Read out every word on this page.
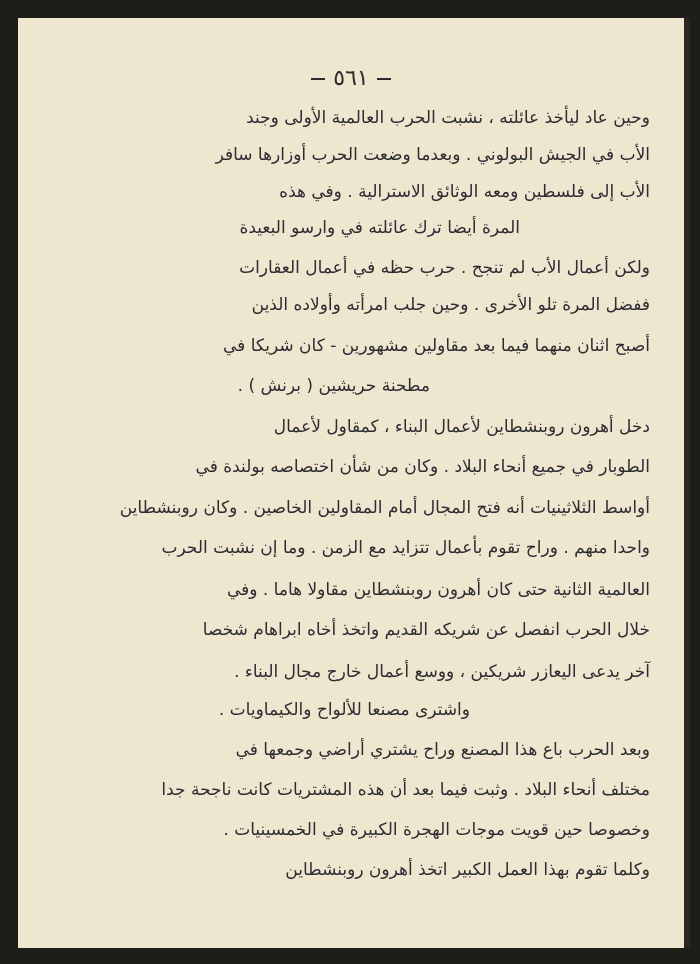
٥٦١
وحين عاد ليأخذ عائلته ، نشبت الحرب العالمية الأولى وجند
الأب في الجيش البولوني . وبعدما وضعت الحرب أوزارها سافر
الأب إلى فلسطين ومعه الوثائق الاسترالية . وفي هذه
المرة أيضا ترك عائلته في وارسو البعيدة
ولكن أعمال الأب لم تنجح . حرب حظه في أعمال العقارات
ففضل المرة تلو الأخرى . وحين جلب امرأته وأولاده الذين
أصبح اثنان منهما فيما بعد مقاولين مشهورين - كان شريكا في
مطحنة حريشين ( برنش ) .
دخل أهرون روبنشطاين لأعمال البناء ، كمقاول لأعمال
الطوبار في جميع أنحاء البلاد . وكان من شأن اختصاصه بولندة في
أواسط الثلاثينيات أنه فتح المجال أمام المقاولين الخاصين . وكان روبنشطاين
واحدا منهم . وراح تقوم بأعمال تتزايد مع الزمن . وما إن نشبت الحرب
العالمية الثانية حتى كان أهرون روبنشطاين مقاولا هاما . وفي
خلال الحرب انفصل عن شريكه القديم واتخذ أخاه ابراهام شخصا
آخر يدعى اليعازر شريكين ، ووسع أعمال خارج مجال البناء .
واشترى مصنعا للألواح والكيماويات .
وبعد الحرب باع هذا المصنع وراح يشتري أراضي وجمعها في
مختلف أنحاء البلاد . وثبت فيما بعد أن هذه المشتريات كانت ناجحة جدا
وخصوصا حين قويت موجات الهجرة الكبيرة في الخمسينيات .
وكلما تقوم بهذا العمل الكبير اتخذ أهرون روبنشطاين
